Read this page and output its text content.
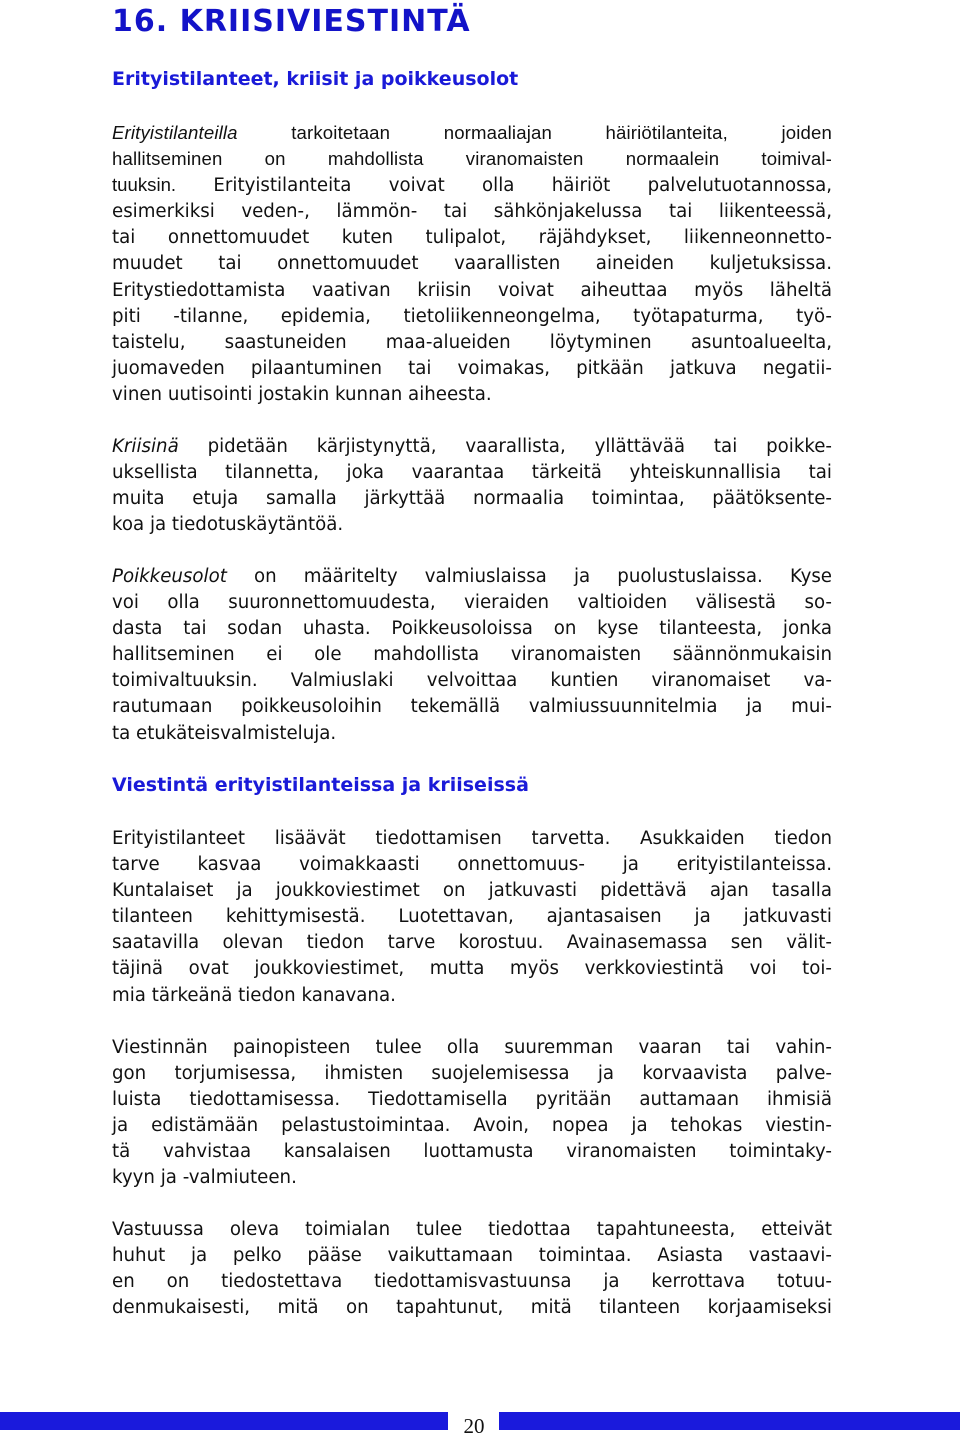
16. KRIISIVIESTINTÄ
Erityistilanteet, kriisit ja poikkeusolot
Erityistilanteilla tarkoitetaan normaaliajan häiriötilanteita, joiden
hallitseminen on mahdollista viranomaisten normaalein toimival-
tuuksin. Erityistilanteita voivat olla häiriöt palvelutuotannossa,
esimerkiksi veden-, lämmön- tai sähkönjakelussa tai liikenteessä,
tai onnettomuudet kuten tulipalot, räjähdykset, liikenneonnetto-
muudet tai onnettomuudet vaarallisten aineiden kuljetuksissa.
Eritystiedottamista vaativan kriisin voivat aiheuttaa myös läheltä
piti -tilanne, epidemia, tietoliikenneongelma, työtapaturma, työ-
taistelu, saastuneiden maa-alueiden löytyminen asuntoalueelta,
juomaveden pilaantuminen tai voimakas, pitkään jatkuva negatii-
vinen uutisointi jostakin kunnan aiheesta.
Kriisinä pidetään kärjistynyttä, vaarallista, yllättävää tai poikke-
uksellista tilannetta, joka vaarantaa tärkeitä yhteiskunnallisia tai
muita etuja samalla järkyttää normaalia toimintaa, päätöksente-
koa ja tiedotuskäytäntöä.
Poikkeusolot on määritelty valmiuslaissa ja puolustuslaissa. Kyse
voi olla suuronnettomuudesta, vieraiden valtioiden välisestä so-
dasta tai sodan uhasta. Poikkeusoloissa on kyse tilanteesta, jonka
hallitseminen ei ole mahdollista viranomaisten säännönmukaisin
toimivaltuuksin. Valmiuslaki velvoittaa kuntien viranomaiset va-
rautumaan poikkeusoloihin tekemällä valmiussuunnitelmia ja mui-
ta etukäteisvalmisteluja.
Viestintä erityistilanteissa ja kriiseissä
Erityistilanteet lisäävät tiedottamisen tarvetta. Asukkaiden tiedon
tarve kasvaa voimakkaasti onnettomuus- ja erityistilanteissa.
Kuntalaiset ja joukkoviestimet on jatkuvasti pidettävä ajan tasalla
tilanteen kehittymisestä. Luotettavan, ajantasaisen ja jatkuvasti
saatavilla olevan tiedon tarve korostuu. Avainasemassa sen välit-
täjinä ovat joukkoviestimet, mutta myös verkkoviestintä voi toi-
mia tärkeänä tiedon kanavana.
Viestinnän painopisteen tulee olla suuremman vaaran tai vahin-
gon torjumisessa, ihmisten suojelemisessa ja korvaavista palve-
luista tiedottamisessa. Tiedottamisella pyritään auttamaan ihmisiä
ja edistämään pelastustoimintaa. Avoin, nopea ja tehokas viestin-
tä vahvistaa kansalaisen luottamusta viranomaisten toimintaky-
kyyn ja -valmiuteen.
Vastuussa oleva toimialan tulee tiedottaa tapahtuneesta, etteivät
huhut ja pelko pääse vaikuttamaan toimintaa. Asiasta vastaavi-
en on tiedostettava tiedottamisvastuunsa ja kerrottava totuu-
denmukaisesti, mitä on tapahtunut, mitä tilanteen korjaamiseksi
20
